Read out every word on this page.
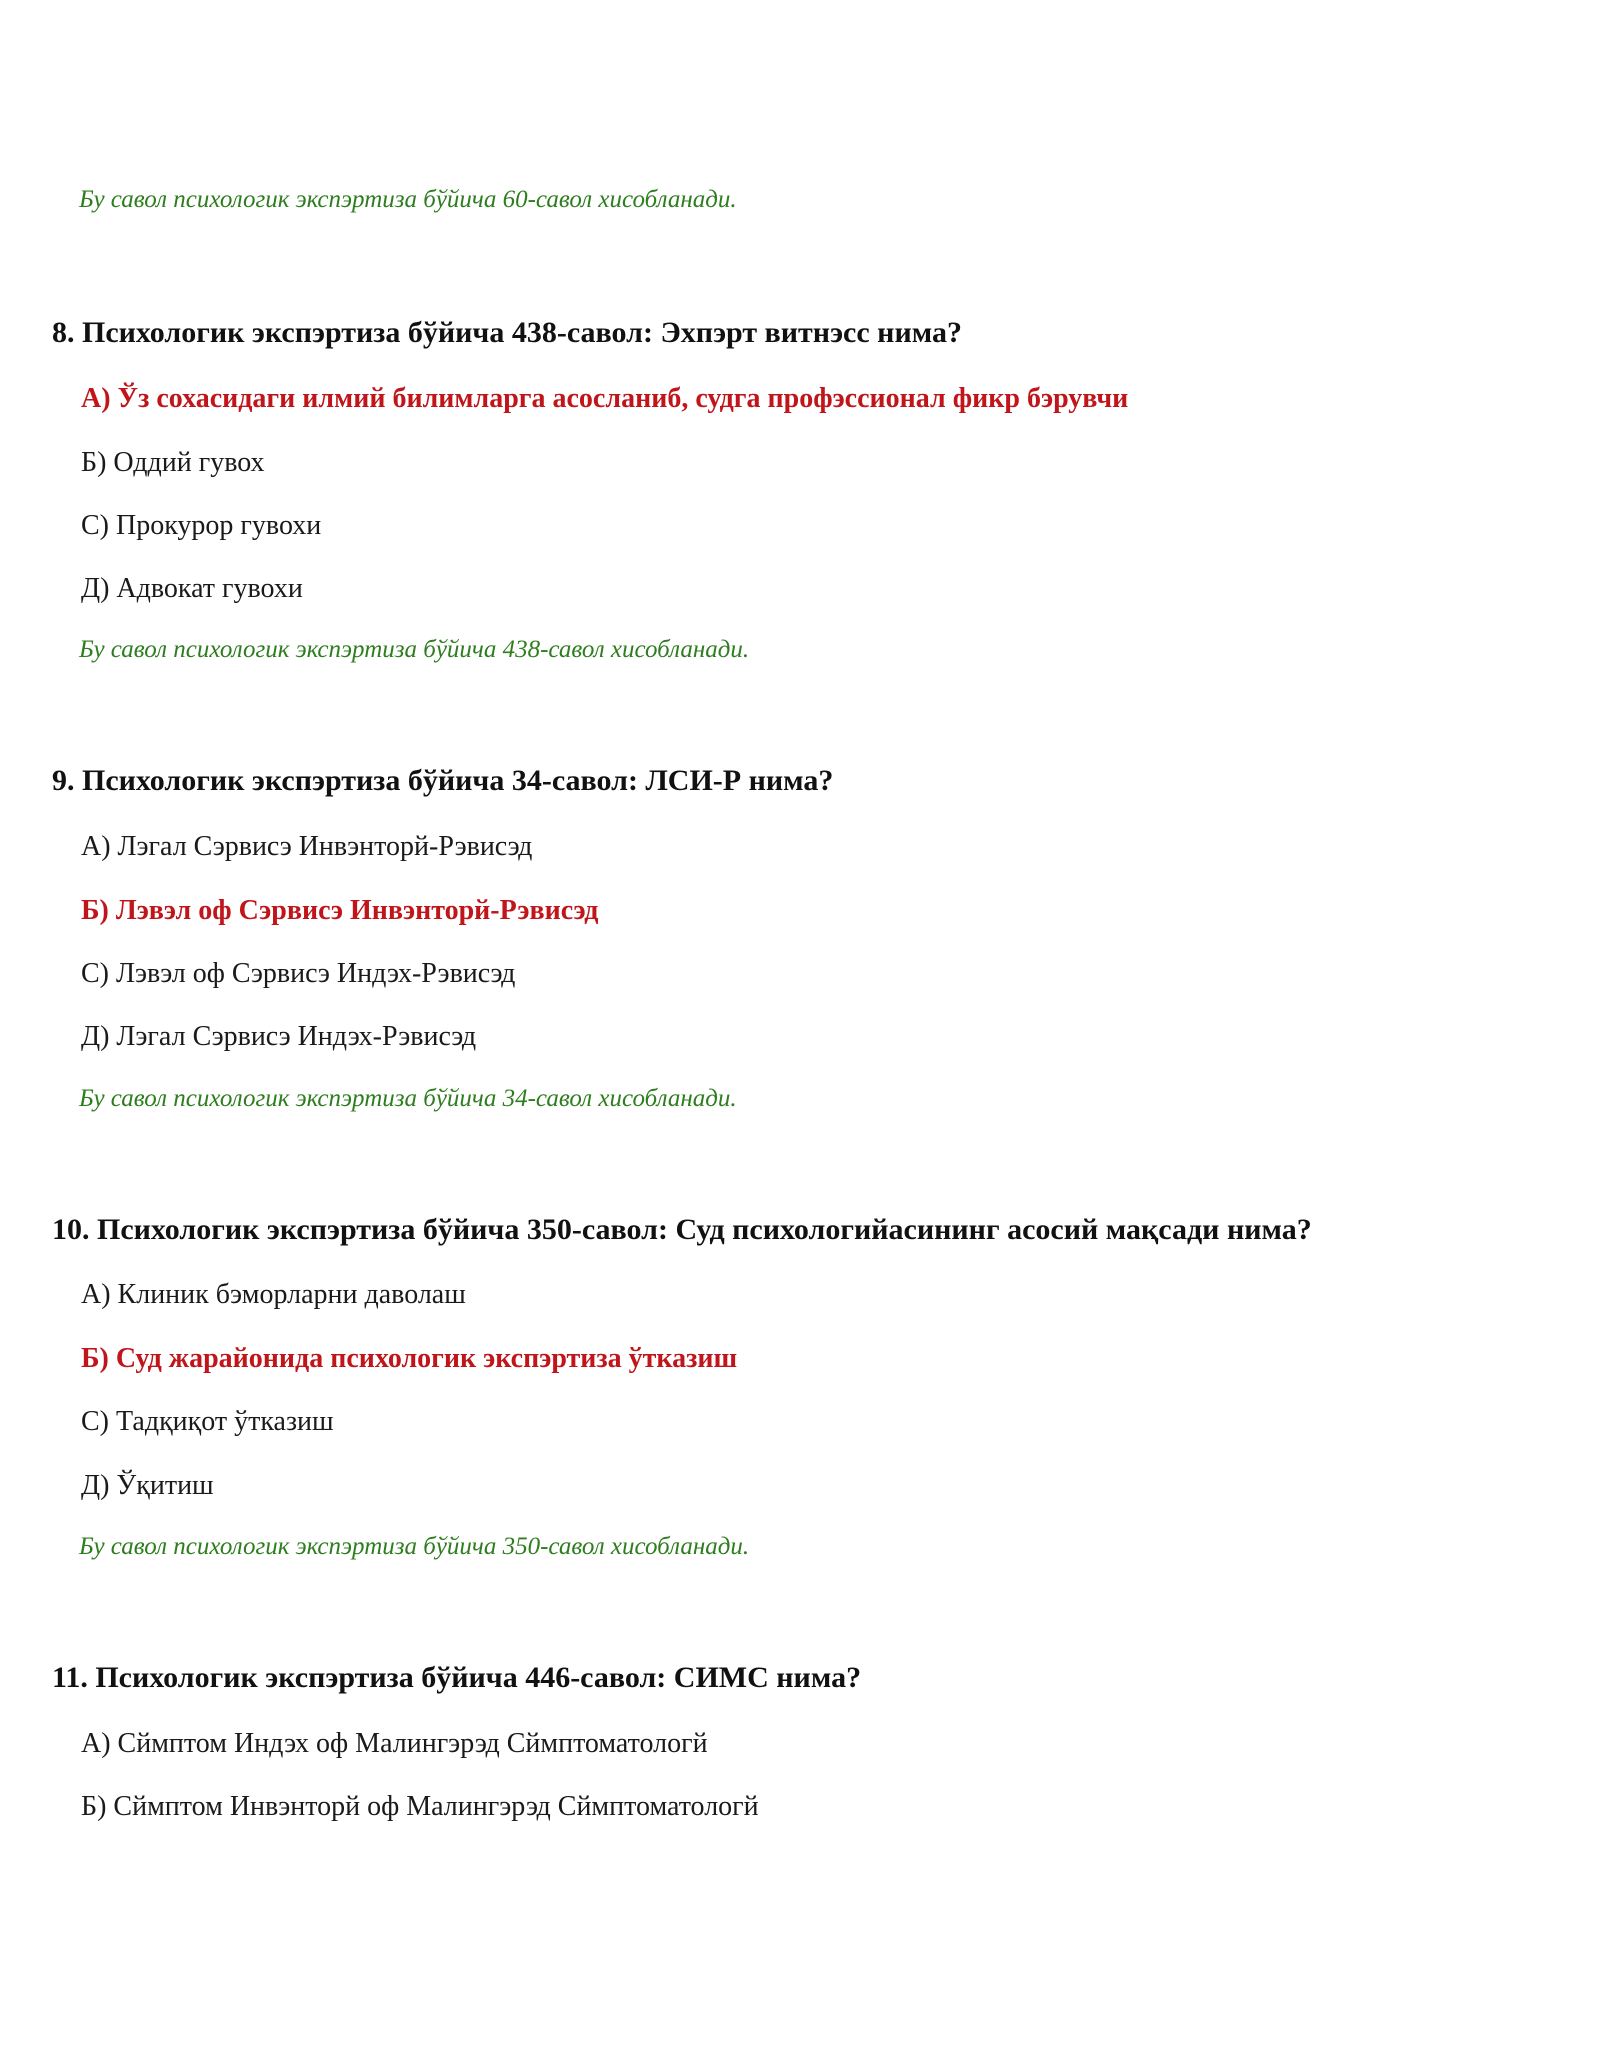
Бу савол психологик экспэртиза бўйича 60-савол хисобланади.
8. Психологик экспэртиза бўйича 438-савол: Эхпэрт витнэсс нима?
А) Ўз сохасидаги илмий билимларга асосланиб, судга профэссионал фикр бэрувчи
Б) Оддий гувох
С) Прокурор гувохи
Д) Адвокат гувохи
Бу савол психологик экспэртиза бўйича 438-савол хисобланади.
9. Психологик экспэртиза бўйича 34-савол: ЛСИ-Р нима?
А) Лэгал Сэрвисэ Инвэнторй-Рэвисэд
Б) Лэвэл оф Сэрвисэ Инвэнторй-Рэвисэд
С) Лэвэл оф Сэрвисэ Индэх-Рэвисэд
Д) Лэгал Сэрвисэ Индэх-Рэвисэд
Бу савол психологик экспэртиза бўйича 34-савол хисобланади.
10. Психологик экспэртиза бўйича 350-савол: Суд психологийасининг асосий мақсади нима?
А) Клиник бэморларни даволаш
Б) Суд жарайонида психологик экспэртиза ўтказиш
С) Тадқиқот ўтказиш
Д) Ўқитиш
Бу савол психологик экспэртиза бўйича 350-савол хисобланади.
11. Психологик экспэртиза бўйича 446-савол: СИМС нима?
А) Сймптом Индэх оф Малингэрэд Сймптоматологй
Б) Сймптом Инвэнторй оф Малингэрэд Сймптоматологй
